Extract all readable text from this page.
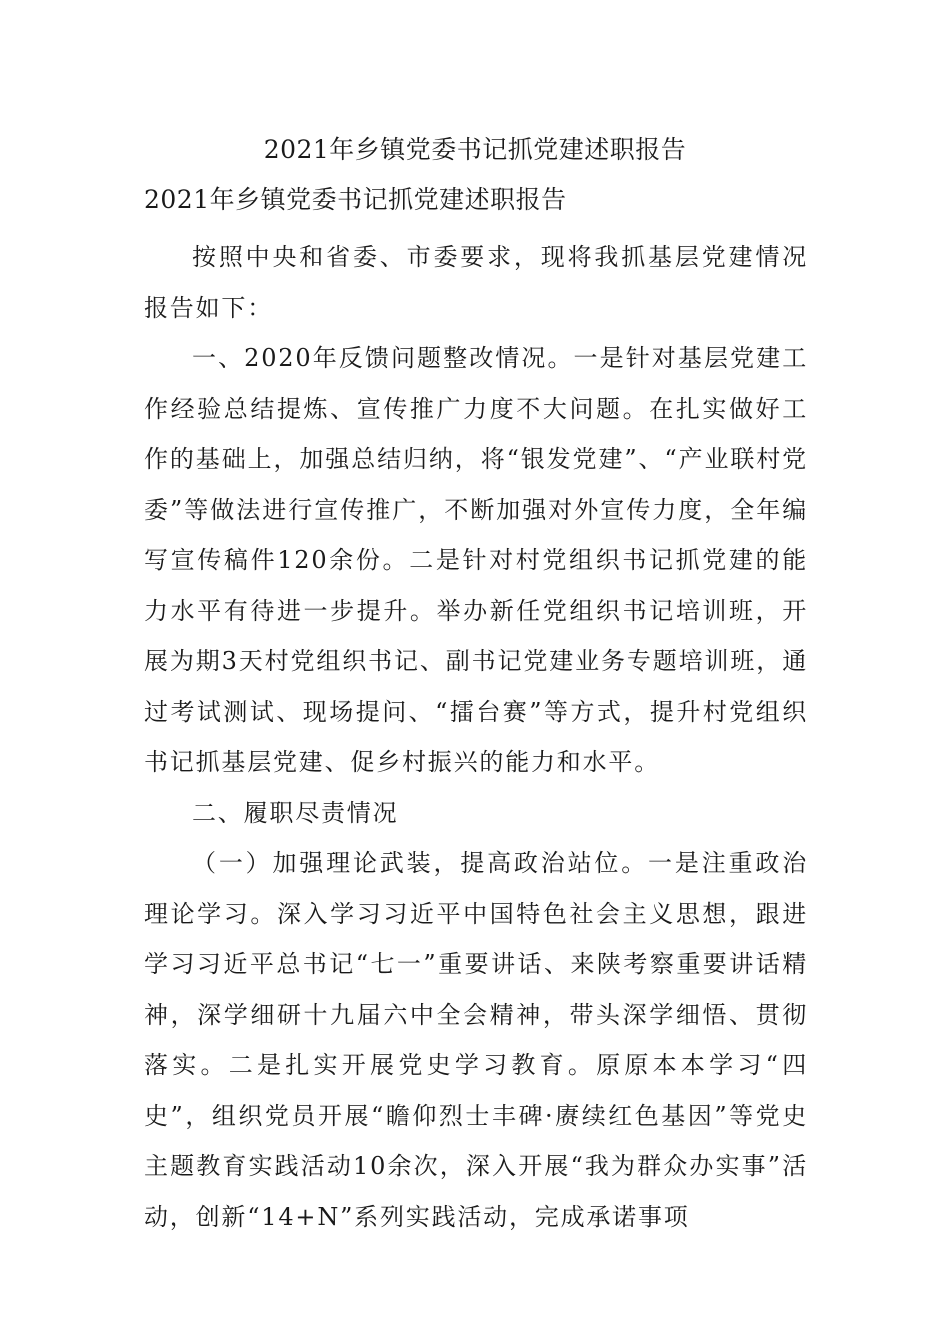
2021年乡镇党委书记抓党建述职报告
2021年乡镇党委书记抓党建述职报告

按照中央和省委、市委要求，现将我抓基层党建情况报告如下：

一、2020年反馈问题整改情况。一是针对基层党建工作经验总结提炼、宣传推广力度不大问题。在扎实做好工作的基础上，加强总结归纳，将“银发党建”、“产业联村党委”等做法进行宣传推广，不断加强对外宣传力度，全年编写宣传稿件120余份。二是针对村党组织书记抓党建的能力水平有待进一步提升。举办新任党组织书记培训班，开展为期3天村党组织书记、副书记党建业务专题培训班，通过考试测试、现场提问、“擂台赛”等方式，提升村党组织书记抓基层党建、促乡村振兴的能力和水平。

二、履职尽责情况

（一）加强理论武装，提高政治站位。一是注重政治理论学习。深入学习习近平中国特色社会主义思想，跟进学习习近平总书记“七一”重要讲话、来陕考察重要讲话精神，深学细研十九届六中全会精神，带头深学细悟、贯彻落实。二是扎实开展党史学习教育。原原本本学习“四史”，组织党员开展“瞻仰烈士丰碑·赓续红色基因”等党史主题教育实践活动10余次，深入开展“我为群众办实事”活动，创新“14+N”系列实践活动，完成承诺事项
